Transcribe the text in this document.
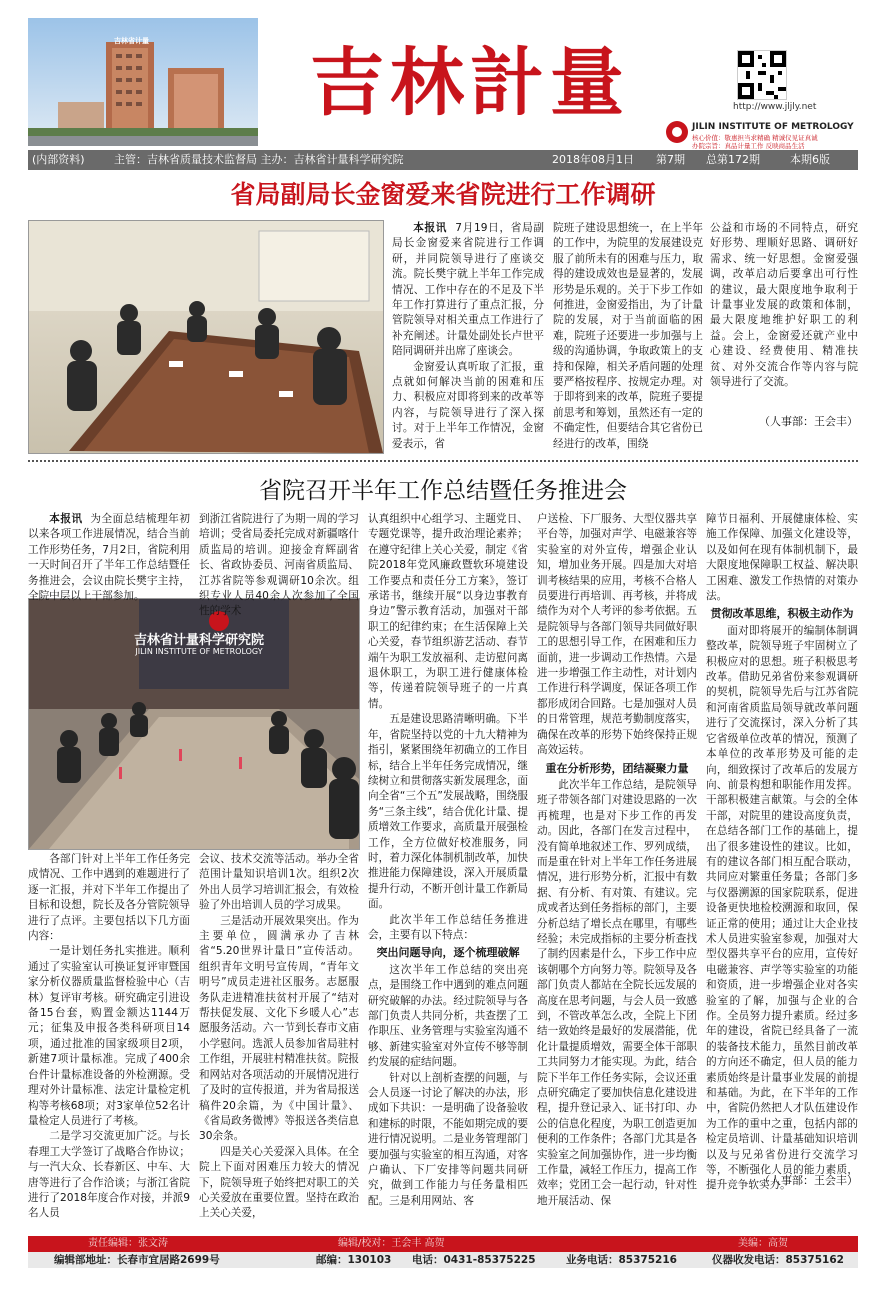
吉林省计量 吉林計量	http://www.jljly.net
JILIN INSTITUTE OF METROLOGY
核心价值：敬惠担当求精确 精诚仪见证真诚
办院宗旨：真品计量工作 反映商品生活
(内部资料)	主管：吉林省质量技术监督局 主办：吉林省计量科学研究院	2018年08月1日 第7期 总第172期	本期6版
省局副局长金窗爱来省院进行工作调研

本报讯 7月19日，省局副局长金窗爱来省院进行工作调研，并同院领导进行了座谈交流。院长樊宇就上半年工作完成情况、工作中存在的不足及下半年工作打算进行了重点汇报，分管院领导对相关重点工作进行了补充阐述。计量处副处长卢世平陪同调研并出席了座谈会。

金窗爱认真听取了汇报，重点就如何解决当前的困难和压力、积极应对即将到来的改革等内容，与院领导进行了深入探讨。对于上半年工作情况，金窗爱表示，省

院班子建设思想统一，在上半年的工作中，为院里的发展建设克服了前所未有的困难与压力，取得的建设成效也是显著的，发展形势是乐观的。关于下步工作如何推进，金窗爱指出，为了计量院的发展，对于当前面临的困难，院班子还要进一步加强与上级的沟通协调，争取政策上的支持和保障，相关矛盾问题的处理要严格按程序、按规定办理。对于即将到来的改革，院班子要提前思考和筹划，虽然还有一定的不确定性，但要结合其它省份已经进行的改革，围绕

公益和市场的不同特点，研究好形势、理顺好思路、调研好需求、统一好思想。金窗爱强调，改革启动后要拿出可行性的建议，最大限度地争取利于计量事业发展的政策和体制，最大限度地维护好职工的利益。会上，金窗爱还就产业中心建设、经费使用、精准扶贫、对外交流合作等内容与院领导进行了交流。

（人事部：王会丰）
省院召开半年工作总结暨任务推进会
吉林省计量科学研究院
JILIN INSTITUTE OF METROLOGY

本报讯 为全面总结梳理年初以来各项工作进展情况，结合当前工作形势任务，7月2日，省院利用一天时间召开了半年工作总结暨任务推进会，会议由院长樊宇主持，全院中层以上干部参加。

到浙江省院进行了为期一周的学习培训；受省局委托完成对新疆喀什质监局的培训。迎接金育辉副省长、省政协委员、河南省质监局、江苏省院等参观调研10余次。组织专业人员40余人次参加了全国性的学术

各部门针对上半年工作任务完成情况、工作中遇到的难题进行了逐一汇报，并对下半年工作提出了目标和设想，院长及各分管院领导进行了点评。主要包括以下几方面内容：

一是计划任务扎实推进。顺利通过了实验室认可换证复评审暨国家分析仪器质量监督检验中心（吉林）复评审考核。研究确定引进设备15台套，购置金额达1144万元；征集及申报各类科研项目14项，通过批准的国家级项目2项，新建7项计量标准。完成了400余台件计量标准设备的外检溯源。受理对外计量标准、法定计量检定机构等考核68项；对3家单位52名计量检定人员进行了考核。

二是学习交流更加广泛。与长春理工大学签订了战略合作协议；与一汽大众、长春新区、中车、大唐等进行了合作洽谈；与浙江省院进行了2018年度合作对接，并派9名人员

会议、技术交流等活动。举办全省范围计量知识培训1次。组织2次外出人员学习培训汇报会，有效检验了外出培训人员的学习成果。

三是活动开展效果突出。作为主要单位，圆满承办了吉林省“5.20世界计量日”宣传活动。组织青年文明号宣传周，“青年文明号”成员走进社区服务。志愿服务队走进精准扶贫村开展了“结对帮扶促发展、文化下乡暖人心”志愿服务活动。六一节到长春市文庙小学慰问。选派人员参加省局驻村工作组，开展驻村精准扶贫。院报和网站对各项活动的开展情况进行了及时的宣传报道，并为省局报送稿件20余篇，为《中国计量》、《省局政务微博》等报送各类信息30余条。

四是关心关爱深入具体。在全院上下面对困难压力较大的情况下，院领导班子始终把对职工的关心关爱放在重要位置。坚持在政治上关心关爱，

认真组织中心组学习、主题党日、专题党课等，提升政治理论素养；在遵守纪律上关心关爱，制定《省院2018年党风廉政暨软环境建设工作要点和责任分工方案》，签订承诺书，继续开展“以身边事教育身边”警示教育活动，加强对干部职工的纪律约束；在生活保障上关心关爱，春节组织游艺活动、春节端午为职工发放福利、走访慰问离退休职工，为职工进行健康体检等，传递着院领导班子的一片真情。

五是建设思路清晰明确。下半年，省院坚持以党的十九大精神为指引，紧紧围绕年初确立的工作目标，结合上半年任务完成情况，继续树立和贯彻落实新发展理念，面向全省“三个五”发展战略，围绕服务“三条主线”，结合优化计量、提质增效工作要求，高质量开展强检工作，全方位做好校准服务，同时，着力深化体制机制改革，加快推进能力保障建设，深入开展质量提升行动，不断开创计量工作新局面。

此次半年工作总结任务推进会，主要有以下特点：

突出问题导向，逐个梳理破解

这次半年工作总结的突出亮点，是围绕工作中遇到的难点问题研究破解的办法。经过院领导与各部门负责人共同分析，共查摆了工作职压、业务管理与实验室沟通不够、新建实验室对外宣传不够等制约发展的症结问题。

针对以上剖析查摆的问题，与会人员逐一讨论了解决的办法，形成如下共识：一是明确了设备验收和建标的时限，不能如期完成的要进行情况说明。二是业务管理部门要加强与实验室的相互沟通，对客户确认、下厂安排等问题共同研究，做到工作能力与任务量相匹配。三是利用网站、客

户送检、下厂服务、大型仪器共享平台等，加强对声学、电磁兼容等实验室的对外宣传，增强企业认知，增加业务开展。四是加大对培训考核结果的应用，考核不合格人员要进行再培训、再考核，并将成绩作为对个人考评的参考依据。五是院领导与各部门领导共同做好职工的思想引导工作，在困难和压力面前，进一步调动工作热情。六是进一步增强工作主动性，对计划内工作进行科学调度，保证各项工作都形成闭合回路。七是加强对人员的日常管理，规范考勤制度落实，确保在改革的形势下始终保持正规高效运转。

重在分析形势，团结凝聚力量

此次半年工作总结，是院领导班子带领各部门对建设思路的一次再梳理，也是对下步工作的再发动。因此，各部门在发言过程中，没有简单地叙述工作、罗列成绩，而是重在针对上半年工作任务进展情况，进行形势分析，汇报中有数据、有分析、有对策、有建议。完成或者达到任务指标的部门，主要分析总结了增长点在哪里，有哪些经验；未完成指标的主要分析查找了制约因素是什么，下步工作中应该朝哪个方向努力等。院领导及各部门负责人都站在全院长远发展的高度在思考问题，与会人员一致感到，不管改革怎么改，全院上下团结一致始终是最好的发展潜能，优化计量提质增效，需要全体干部职工共同努力才能实现。为此，结合院下半年工作任务实际，会议还重点研究确定了要加快信息化建设进程，提升登记录入、证书打印、办公的信息化程度，为职工创造更加便利的工作条件；各部门尤其是各实验室之间加强协作，进一步均衡工作量，减轻工作压力，提高工作效率；党团工会一起行动，针对性地开展活动、保

障节日福利、开展健康体检、实施工作保障、加强文化建设等，以及如何在现有体制机制下，最大限度地保障职工权益、解决职工困难、激发工作热情的对策办法。

贯彻改革思维，积极主动作为

面对即将展开的编制体制调整改革，院领导班子牢固树立了积极应对的思想。班子积极思考改革。借助兄弟省份来参观调研的契机，院领导先后与江苏省院和河南省质监局领导就改革问题进行了交流探讨，深入分析了其它省级单位改革的情况，预测了本单位的改革形势及可能的走向，细致探讨了改革后的发展方向、前景构想和职能作用发挥。干部积极建言献策。与会的全体干部，对院里的建设高度负责，在总结各部门工作的基础上，提出了很多建设性的建议。比如，有的建议各部门相互配合联动，共同应对繁重任务量；各部门多与仪器溯源的国家院联系，促进设备更快地检校溯源和取回，保证正常的使用；通过让大企业技术人员进实验室参观，加强对大型仪器共享平台的应用，宣传好电磁兼容、声学等实验室的功能和资质，进一步增强企业对各实验室的了解，加强与企业的合作。全员努力提升素质。经过多年的建设，省院已经具备了一流的装备技术能力，虽然目前改革的方向还不确定，但人员的能力素质始终是计量事业发展的前提和基础。为此，在下半年的工作中，省院仍然把人才队伍建设作为工作的重中之重，包括内部的检定员培训、计量基础知识培训以及与兄弟省份进行交流学习等，不断强化人员的能力素质，提升竞争软实力。

（人事部：王会丰）
责任编辑：张文涛	编辑/校对：王会丰 高贺	美编：高贺
编辑部地址：长春市宜居路2699号	邮编：130103 电话：0431-85375225	业务电话：85375216	仪器收发电话：85375162
